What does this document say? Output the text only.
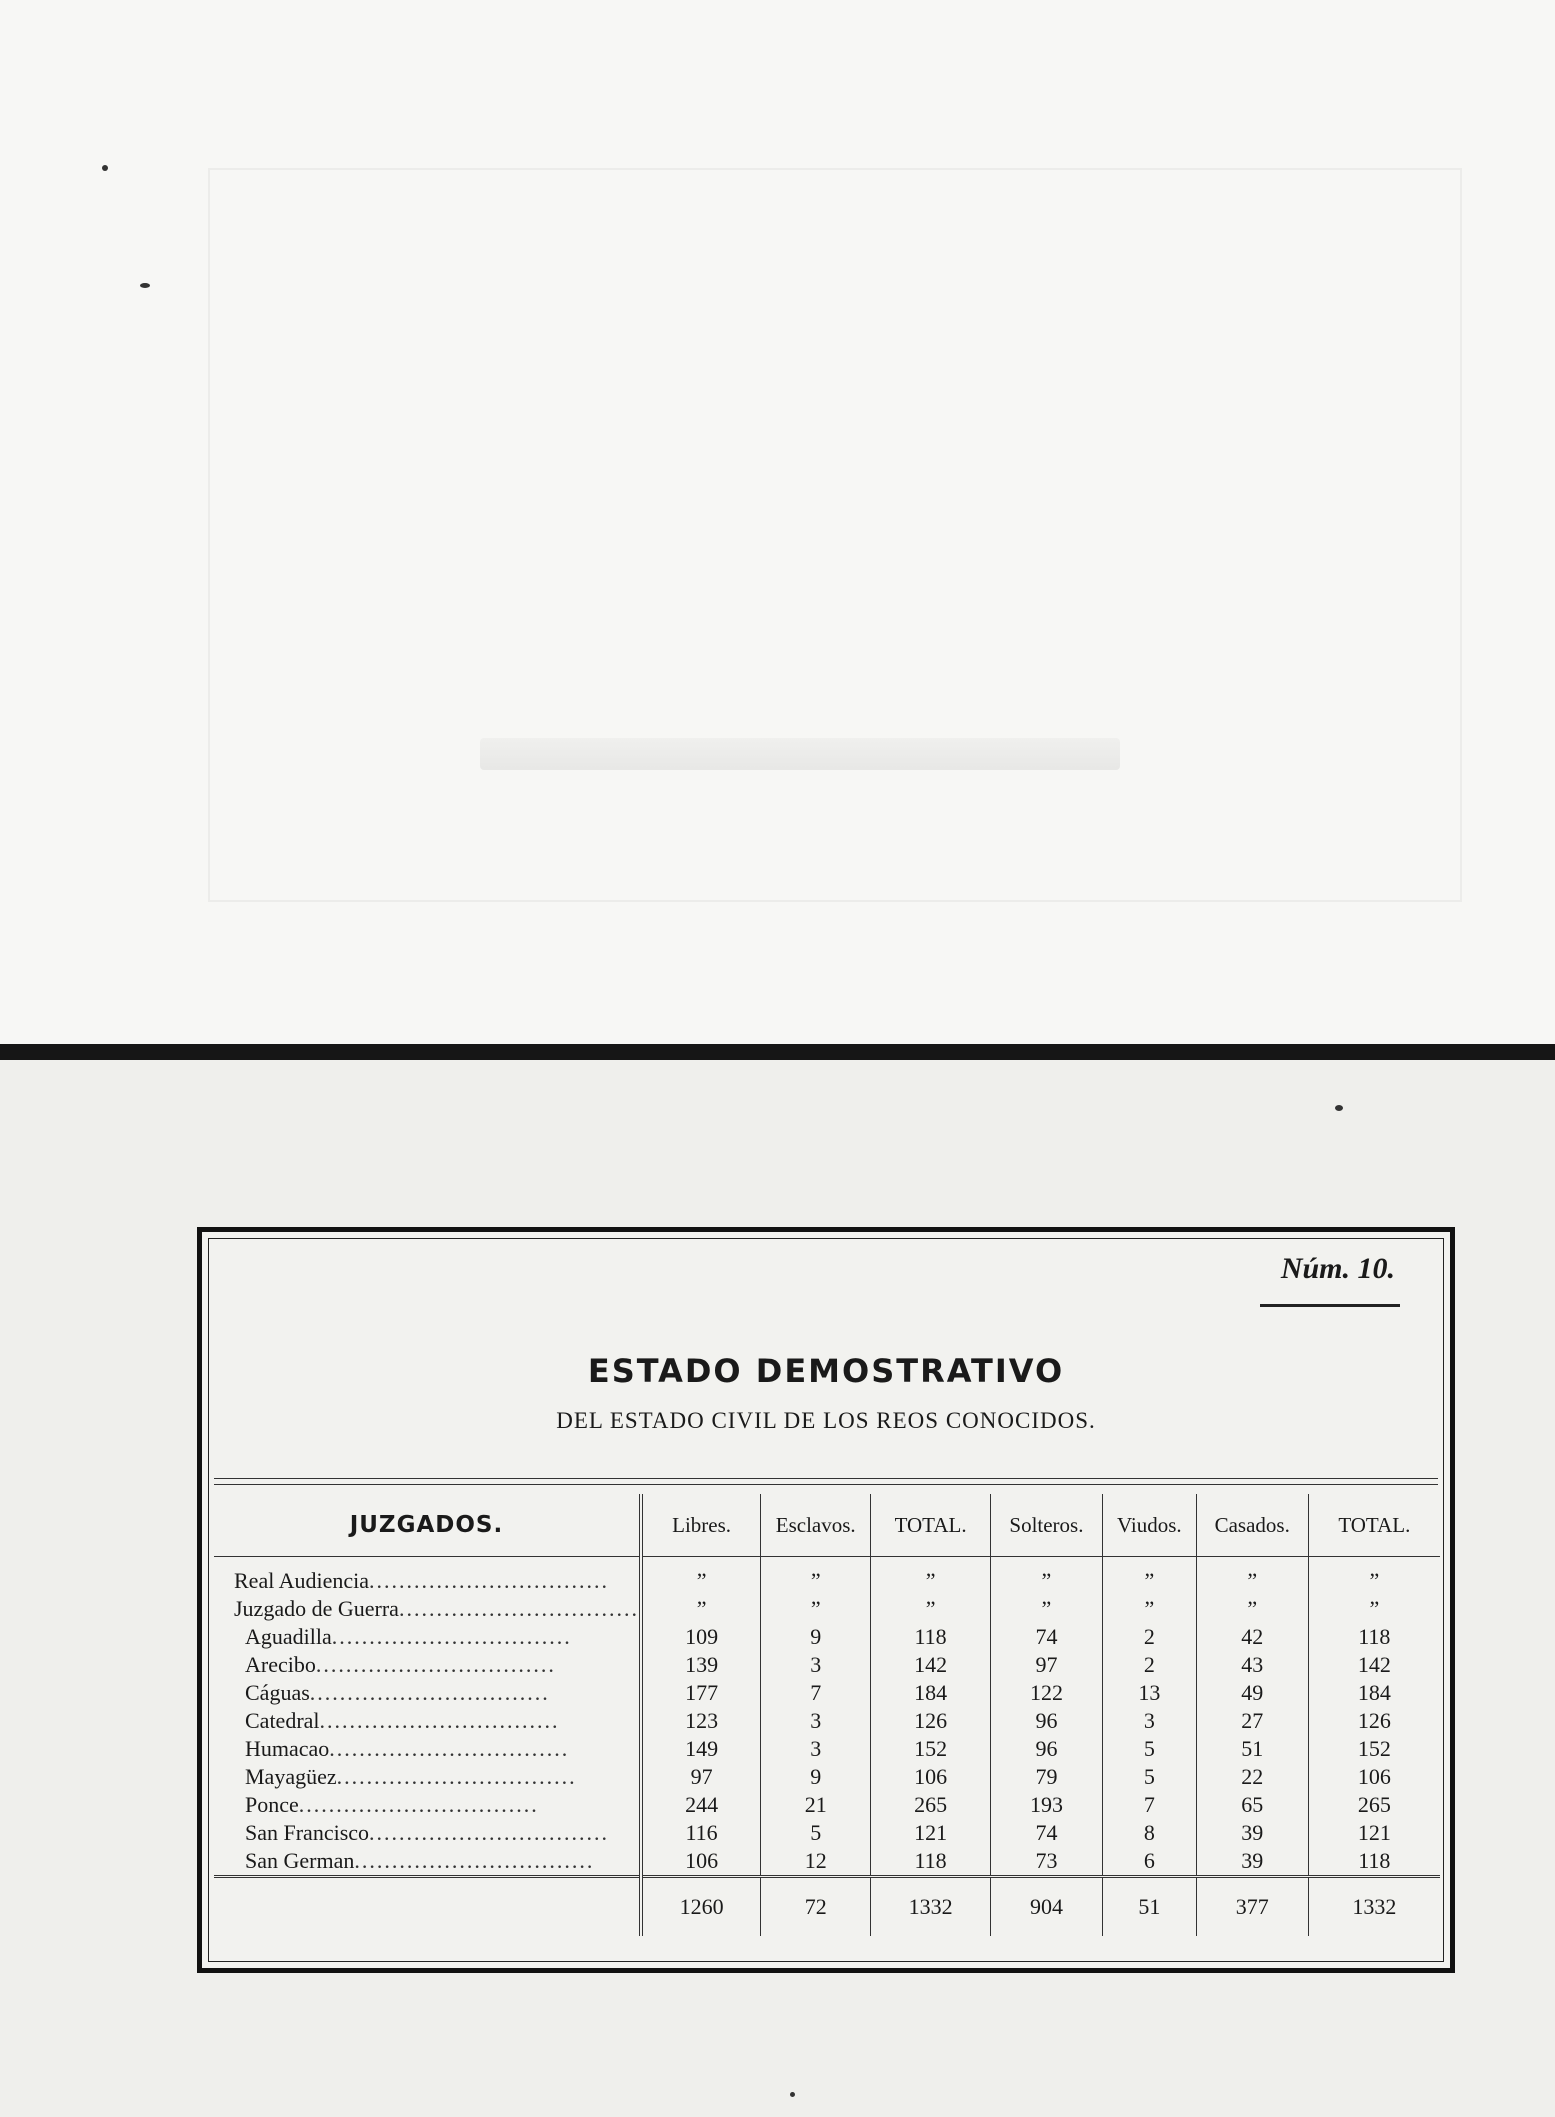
Núm. 10.
ESTADO DEMOSTRATIVO
DEL ESTADO CIVIL DE LOS REOS CONOCIDOS.
JUZGADOS.	Libres.	Esclavos.	TOTAL.	Solteros.	Viudos.	Casados.	TOTAL.
Real Audiencia................................	”	”	”	”	”	”	”
Juzgado de Guerra................................	”	”	”	”	”	”	”
Aguadilla................................	109	9	118	74	2	42	118
Arecibo................................	139	3	142	97	2	43	142
Cáguas................................	177	7	184	122	13	49	184
Catedral................................	123	3	126	96	3	27	126
Humacao................................	149	3	152	96	5	51	152
Mayagüez................................	97	9	106	79	5	22	106
Ponce................................	244	21	265	193	7	65	265
San Francisco................................	116	5	121	74	8	39	121
San German................................	106	12	118	73	6	39	118
	1260	72	1332	904	51	377	1332
